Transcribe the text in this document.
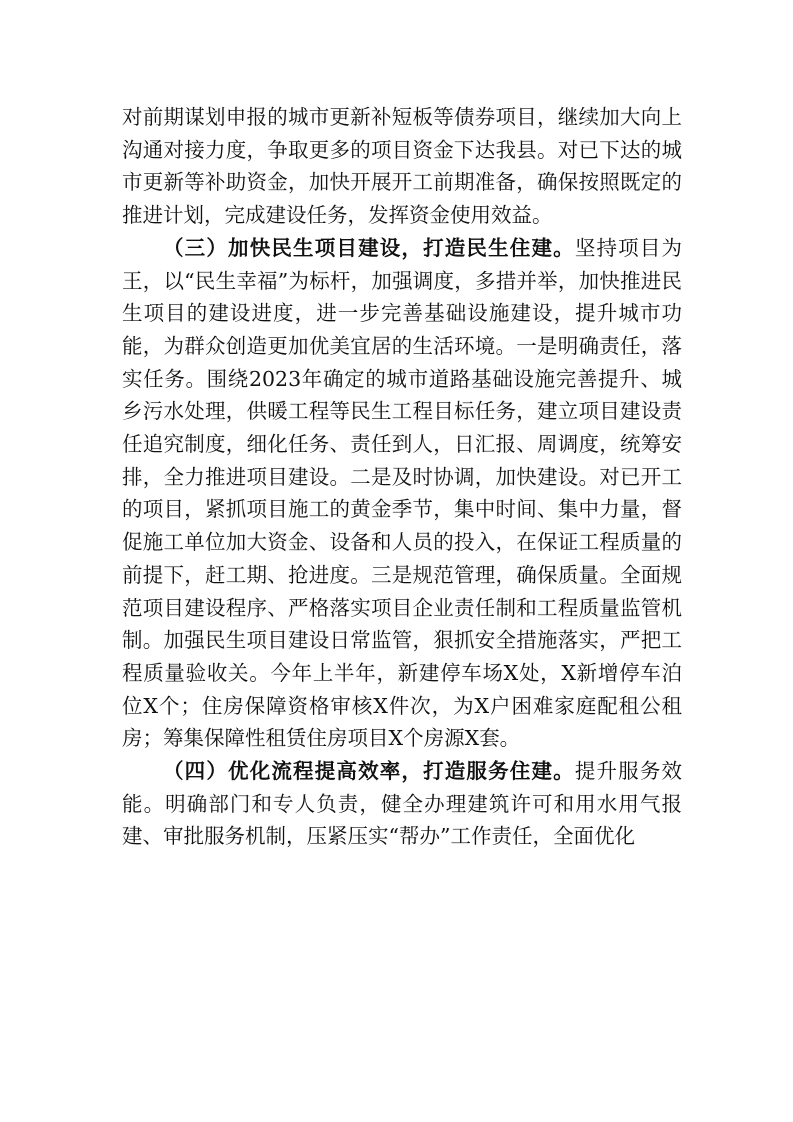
对前期谋划申报的城市更新补短板等债券项目，继续加大向上沟通对接力度，争取更多的项目资金下达我县。对已下达的城市更新等补助资金，加快开展开工前期准备，确保按照既定的推进计划，完成建设任务，发挥资金使用效益。

（三）加快民生项目建设，打造民生住建。坚持项目为王，以“民生幸福”为标杆，加强调度，多措并举，加快推进民生项目的建设进度，进一步完善基础设施建设，提升城市功能，为群众创造更加优美宜居的生活环境。一是明确责任，落实任务。围绕2023年确定的城市道路基础设施完善提升、城乡污水处理，供暖工程等民生工程目标任务，建立项目建设责任追究制度，细化任务、责任到人，日汇报、周调度，统筹安排，全力推进项目建设。二是及时协调，加快建设。对已开工的项目，紧抓项目施工的黄金季节，集中时间、集中力量，督促施工单位加大资金、设备和人员的投入，在保证工程质量的前提下，赶工期、抢进度。三是规范管理，确保质量。全面规范项目建设程序、严格落实项目企业责任制和工程质量监管机制。加强民生项目建设日常监管，狠抓安全措施落实，严把工程质量验收关。今年上半年，新建停车场X处，X新增停车泊位X个；住房保障资格审核X件次，为X户困难家庭配租公租房；筹集保障性租赁住房项目X个房源X套。

（四）优化流程提高效率，打造服务住建。提升服务效能。明确部门和专人负责，健全办理建筑许可和用水用气报建、审批服务机制，压紧压实“帮办”工作责任，全面优化
